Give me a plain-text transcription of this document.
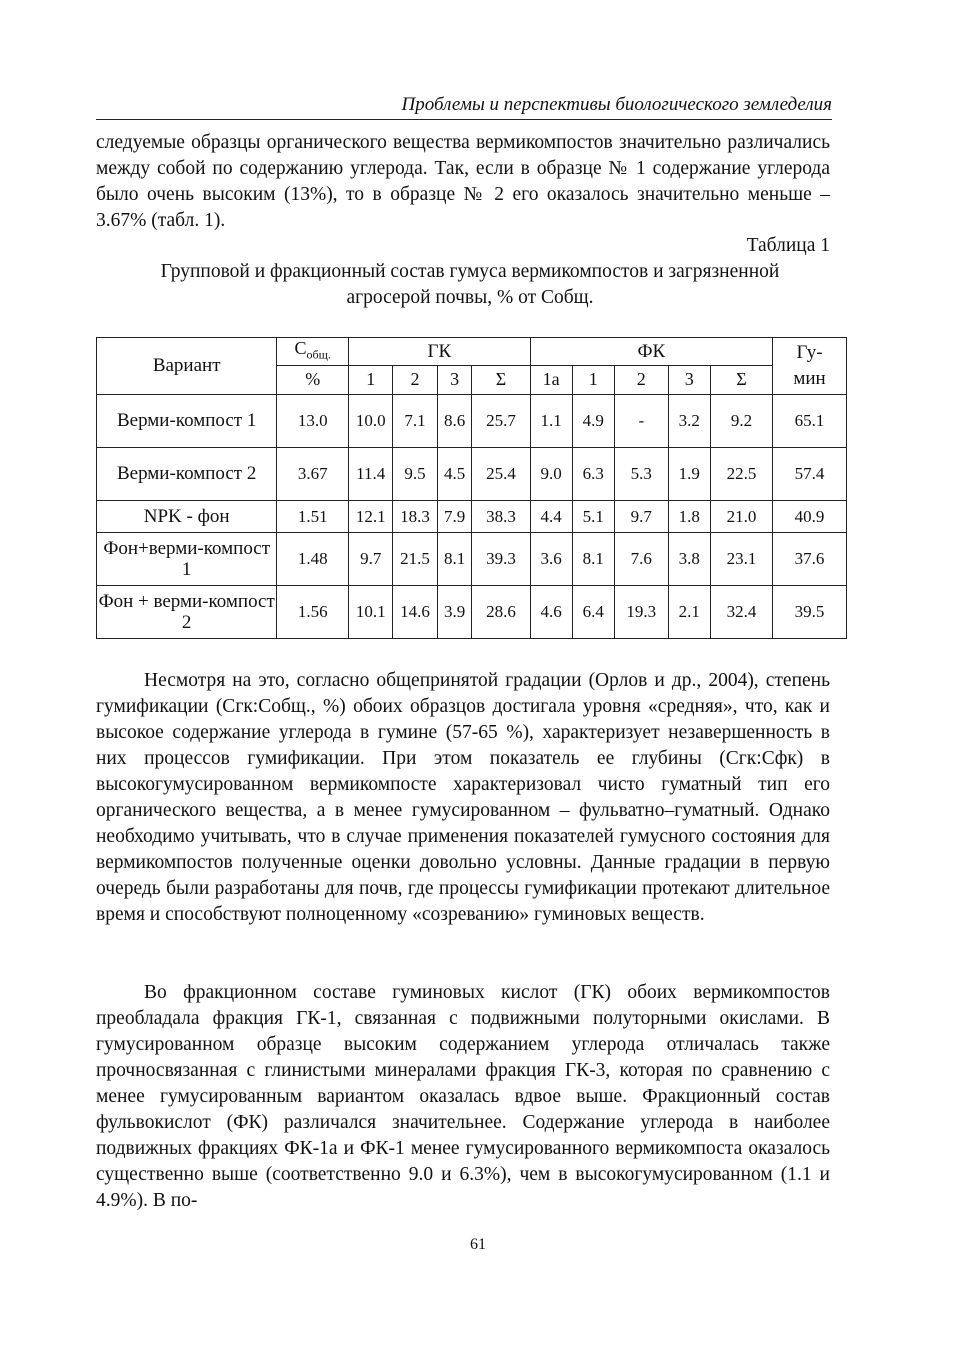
Проблемы и перспективы биологического земледелия

следуемые образцы органического вещества вермикомпостов значительно различались между собой по содержанию углерода. Так, если в образце № 1 содержание углерода было очень высоким (13%), то в образце № 2 его оказалось значительно меньше – 3.67% (табл. 1).

Таблица 1
Групповой и фракционный состав гумуса вермикомпостов и загрязненной агросерой почвы, % от Собщ.
Вариант	$С_{общ.}$	ГК				ФК					Гу-
мин
	%	1	2	3	Σ	1а	1	2	3	Σ	
Верми-компост 1	13.0	10.0	7.1	8.6	25.7	1.1	4.9	-	3.2	9.2	65.1
Верми-компост 2	3.67	11.4	9.5	4.5	25.4	9.0	6.3	5.3	1.9	22.5	57.4
NPK - фон	1.51	12.1	18.3	7.9	38.3	4.4	5.1	9.7	1.8	21.0	40.9
Фон+верми-компост 1	1.48	9.7	21.5	8.1	39.3	3.6	8.1	7.6	3.8	23.1	37.6
Фон + верми-компост 2	1.56	10.1	14.6	3.9	28.6	4.6	6.4	19.3	2.1	32.4	39.5

Несмотря на это, согласно общепринятой градации (Орлов и др., 2004), степень гумификации (Сгк:Собщ., %) обоих образцов достигала уровня «средняя», что, как и высокое содержание углерода в гумине (57-65 %), характеризует незавершенность в них процессов гумификации. При этом показатель ее глубины (Сгк:Сфк) в высокогумусированном вермикомпосте характеризовал чисто гуматный тип его органического вещества, а в менее гумусированном – фульватно–гуматный. Однако необходимо учитывать, что в случае применения показателей гумусного состояния для вермикомпостов полученные оценки довольно условны. Данные градации в первую очередь были разработаны для почв, где процессы гумификации протекают длительное время и способствуют полноценному «созреванию» гуминовых веществ.

Во фракционном составе гуминовых кислот (ГК) обоих вермикомпостов преобладала фракция ГК-1, связанная с подвижными полуторными окислами. В гумусированном образце высоким содержанием углерода отличалась также прочносвязанная с глинистыми минералами фракция ГК-3, которая по сравнению с менее гумусированным вариантом оказалась вдвое выше. Фракционный состав фульвокислот (ФК) различался значительнее. Содержание углерода в наиболее подвижных фракциях ФК-1а и ФК-1 менее гумусированного вермикомпоста оказалось существенно выше (соответственно 9.0 и 6.3%), чем в высокогумусированном (1.1 и 4.9%). В по-

61
